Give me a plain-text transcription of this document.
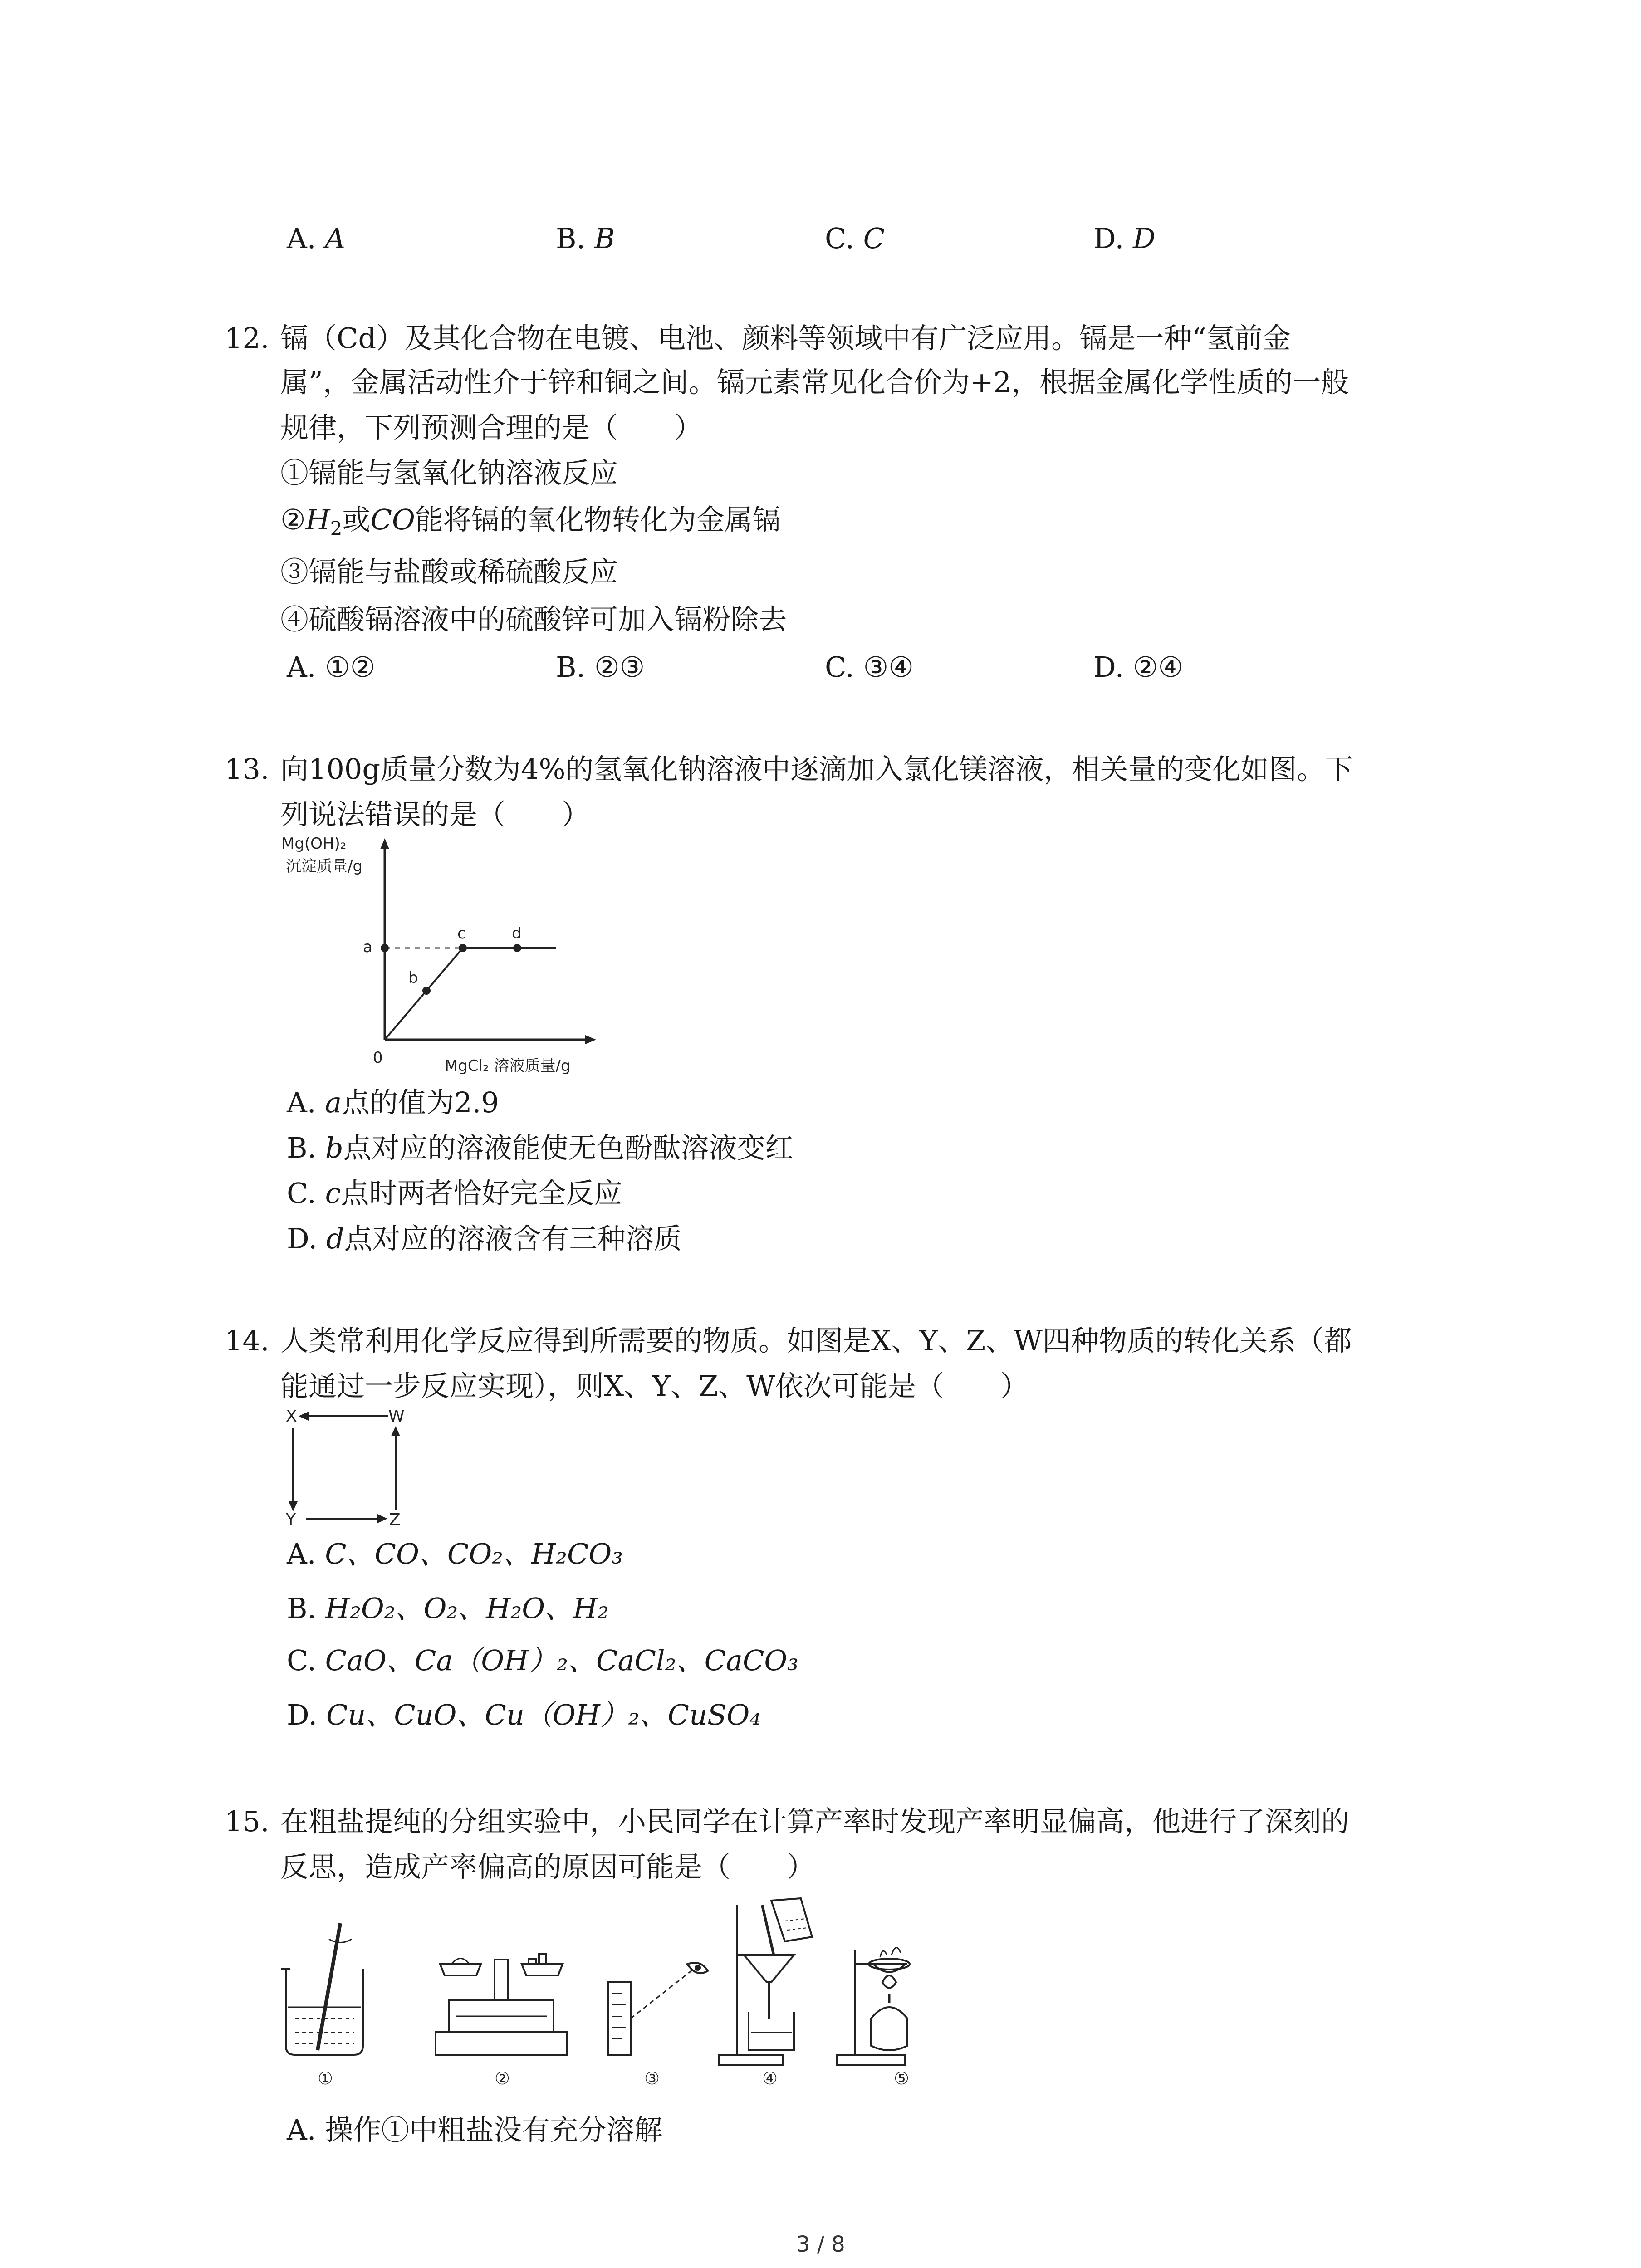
A. A	B. B	C. C	D. D
12. 镉（Cd）及其化合物在电镀、电池、颜料等领域中有广泛应用。镉是一种“氢前金
属”，金属活动性介于锌和铜之间。镉元素常见化合价为+2，根据金属化学性质的一般
规律，下列预测合理的是（　　）
①镉能与氢氧化钠溶液反应
$②H_2$或CO能将镉的氧化物转化为金属镉
③镉能与盐酸或稀硫酸反应
④硫酸镉溶液中的硫酸锌可加入镉粉除去
A. ①②	B. ②③	C. ③④	D. ②④
13. 向100g质量分数为4%的氢氧化钠溶液中逐滴加入氯化镁溶液，相关量的变化如图。下
列说法错误的是（　　）
Mg(OH)₂
沉淀质量/g
a
b
c	d
0	MgCl₂ 溶液质量/g
A. a点的值为2.9
B. b点对应的溶液能使无色酚酞溶液变红
C. c点时两者恰好完全反应
D. d点对应的溶液含有三种溶质
14. 人类常利用化学反应得到所需要的物质。如图是X、Y、Z、W四种物质的转化关系（都
能通过一步反应实现），则X、Y、Z、W依次可能是（　　）
X	W
Y	Z
A. C、CO、CO₂、H₂CO₃
B. H₂O₂、O₂、H₂O、H₂
C. CaO、Ca（OH）₂、CaCl₂、CaCO₃
D. Cu、CuO、Cu（OH）₂、CuSO₄
15. 在粗盐提纯的分组实验中，小民同学在计算产率时发现产率明显偏高，他进行了深刻的
反思，造成产率偏高的原因可能是（　　）
①	②	③	④	⑤
A. 操作①中粗盐没有充分溶解
3 / 8
